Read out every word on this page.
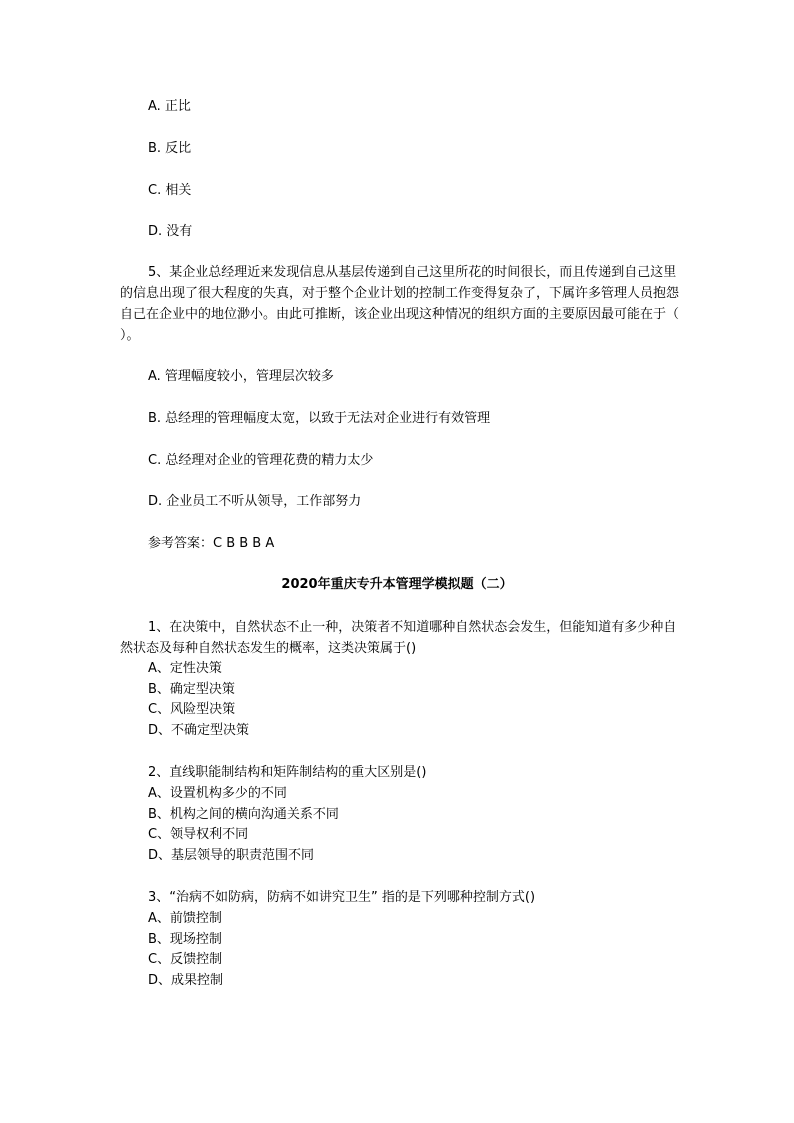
A. 正比
B. 反比
C. 相关
D. 没有
5、某企业总经理近来发现信息从基层传递到自己这里所花的时间很长，而且传递到自己这里的信息出现了很大程度的失真，对于整个企业计划的控制工作变得复杂了，下属许多管理人员抱怨自己在企业中的地位渺小。由此可推断，该企业出现这种情况的组织方面的主要原因最可能在于（ ）。
A. 管理幅度较小，管理层次较多
B. 总经理的管理幅度太宽，以致于无法对企业进行有效管理
C. 总经理对企业的管理花费的精力太少
D. 企业员工不听从领导，工作部努力
参考答案：C B B B A
2020年重庆专升本管理学模拟题（二）
1、在决策中，自然状态不止一种，决策者不知道哪种自然状态会发生，但能知道有多少种自然状态及每种自然状态发生的概率，这类决策属于()
A、定性决策
B、确定型决策
C、风险型决策
D、不确定型决策
2、直线职能制结构和矩阵制结构的重大区别是()
A、设置机构多少的不同
B、机构之间的横向沟通关系不同
C、领导权利不同
D、基层领导的职责范围不同
3、“治病不如防病，防病不如讲究卫生” 指的是下列哪种控制方式()
A、前馈控制
B、现场控制
C、反馈控制
D、成果控制
